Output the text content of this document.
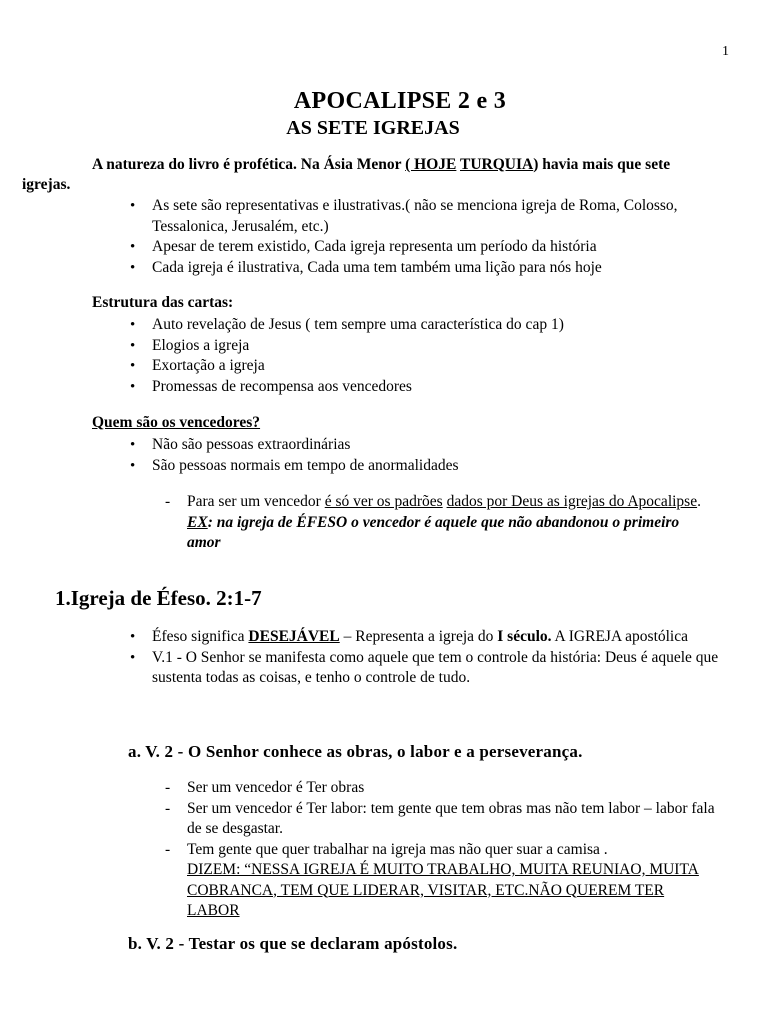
1
APOCALIPSE 2 e 3
AS SETE IGREJAS
A natureza do livro é profética. Na Ásia Menor ( HOJE TURQUIA) havia mais que sete igrejas.
• As sete são representativas e ilustrativas.( não se menciona igreja de Roma, Colosso, Tessalonica, Jerusalém, etc.)
• Apesar de terem existido, Cada igreja representa um período da história
• Cada igreja é ilustrativa, Cada uma tem também uma lição para nós hoje
Estrutura das cartas:
• Auto revelação de Jesus ( tem sempre uma característica do cap 1)
• Elogios a igreja
• Exortação a igreja
• Promessas de recompensa aos vencedores
Quem são os vencedores?
• Não são pessoas extraordinárias
• São pessoas normais em tempo de anormalidades
- Para ser um vencedor é só ver os padrões dados por Deus as igrejas do Apocalipse. EX: na igreja de ÉFESO o vencedor é aquele que não abandonou o primeiro amor
1.Igreja de Éfeso. 2:1-7
• Éfeso significa DESEJÁVEL – Representa a igreja do I século. A IGREJA apostólica
• V.1 - O Senhor se manifesta como aquele que tem o controle da história: Deus é aquele que sustenta todas as coisas, e tenho o controle de tudo.
a. V. 2 - O Senhor conhece as obras, o labor e a perseverança.
- Ser um vencedor é Ter obras
- Ser um vencedor é Ter labor: tem gente que tem obras mas não tem labor – labor fala de se desgastar.
- Tem gente que quer trabalhar na igreja mas não quer suar a camisa .
DIZEM: “NESSA IGREJA É MUITO TRABALHO, MUITA REUNIAO, MUITA COBRANCA, TEM QUE LIDERAR, VISITAR, ETC.NÃO QUEREM TER LABOR
b. V. 2 - Testar os que se declaram apóstolos.
